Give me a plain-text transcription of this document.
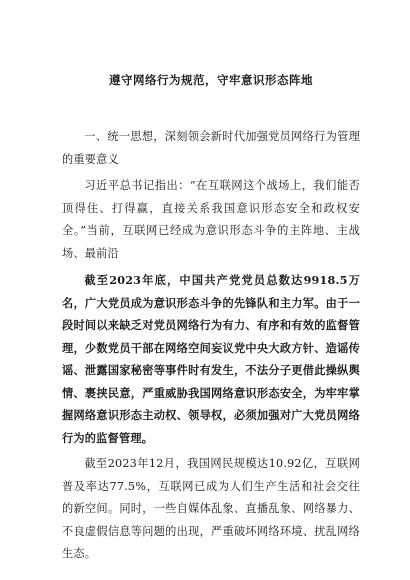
遵守网络行为规范，守牢意识形态阵地

一、统一思想，深刻领会新时代加强党员网络行为管理的重要意义

习近平总书记指出：“在互联网这个战场上，我们能否顶得住、打得赢，直接关系我国意识形态安全和政权安全。”当前，互联网已经成为意识形态斗争的主阵地、主战场、最前沿

截至2023年底，中国共产党党员总数达9918.5万名，广大党员成为意识形态斗争的先锋队和主力军。由于一段时间以来缺乏对党员网络行为有力、有序和有效的监督管理，少数党员干部在网络空间妄议党中央大政方针、造谣传谣、泄露国家秘密等事件时有发生，不法分子更借此操纵舆情、裹挟民意，严重威胁我国网络意识形态安全，为牢牢掌握网络意识形态主动权、领导权，必须加强对广大党员网络行为的监督管理。

截至2023年12月，我国网民规模达10.92亿，互联网普及率达77.5%，互联网已成为人们生产生活和社会交往的新空间。同时，一些自媒体乱象、直播乱象、网络暴力、不良虚假信息等问题的出现，严重破坏网络环境、扰乱网络生态。
